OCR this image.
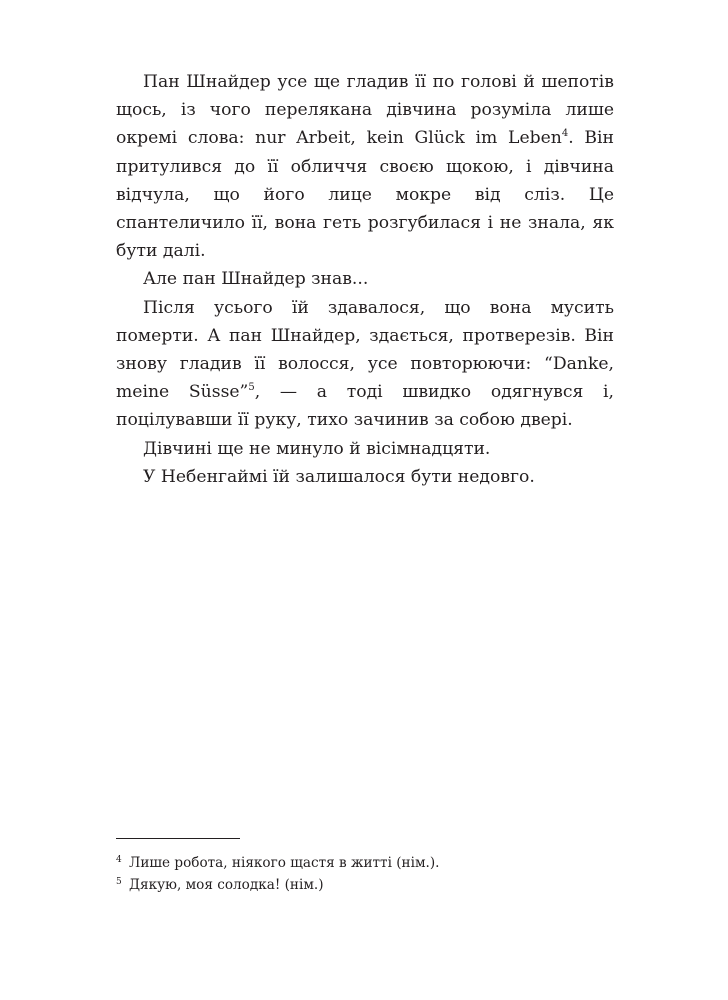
Пан Шнайдер усе ще гладив її по голові й шепотів щось, із чого перелякана дівчина розуміла лише окремі слова: nur Arbeit, kein Glück im Leben$^4$. Він притулився до її обличчя своєю щокою, і дівчина відчула, що його лице мокре від сліз. Це спантеличило її, вона геть розгубилася і не знала, як бути далі.

Але пан Шнайдер знав...

Після усього їй здавалося, що вона мусить померти. А пан Шнайдер, здається, протверезів. Він знову гладив її волосся, усе повторюючи: “Danke, meine Süsse”$^5$, — а тоді швидко одягнувся і, поцілувавши її руку, тихо зачинив за собою двері.

Дівчині ще не минуло й вісімнадцяти.

У Небенгаймі їй залишалося бути недовго.

4 Лише робота, ніякого щастя в житті (нім.).

5 Дякую, моя солодка! (нім.)
